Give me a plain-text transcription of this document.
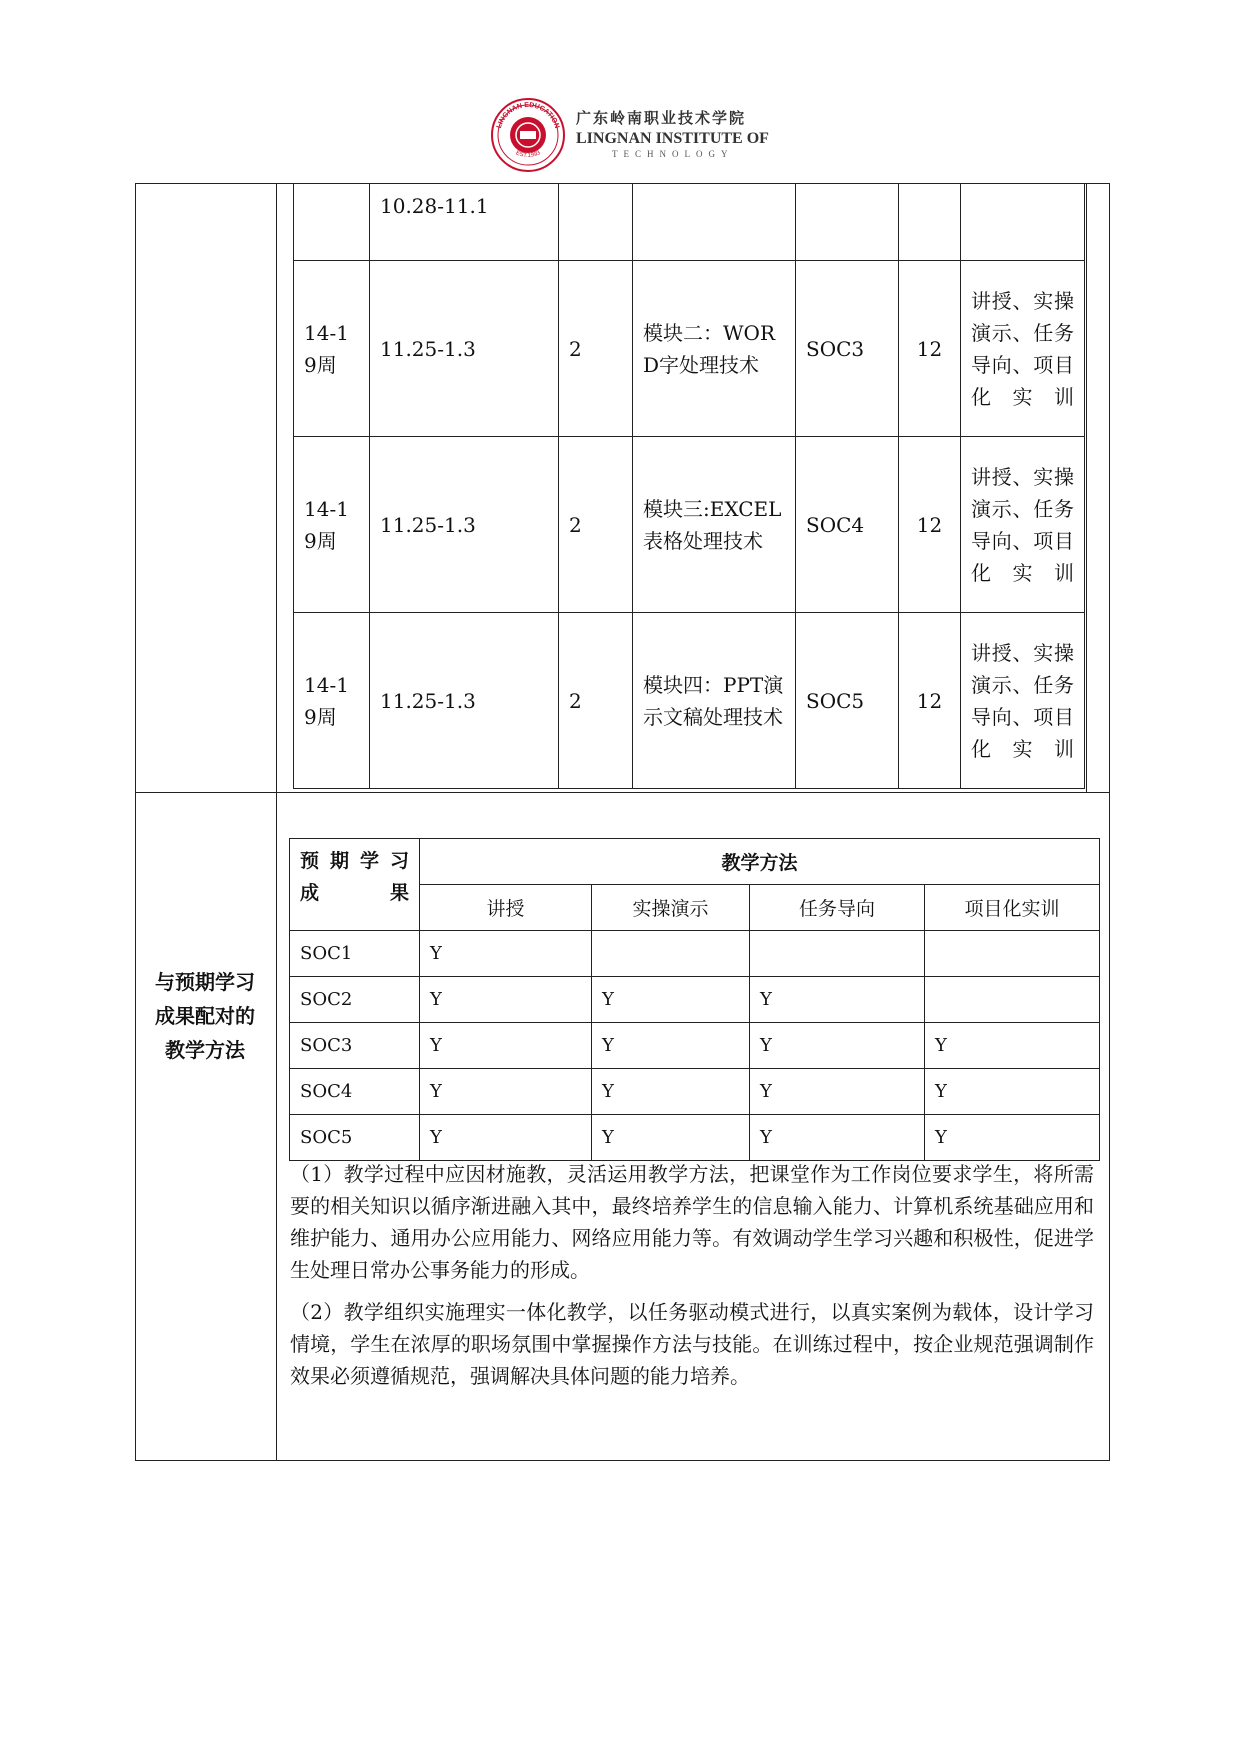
LINGNAN EDUCATION
EST.1993
广东岭南职业技术学院
LINGNAN INSTITUTE OF
TECHNOLOGY
	10.28-11.1					
14-19周	11.25-1.3	2	模块二：WORD字处理技术	SOC3	12	讲授、实操演示、任务导向、项目化实训
14-19周	11.25-1.3	2	模块三:EXCEL表格处理技术	SOC4	12	讲授、实操演示、任务导向、项目化实训
14-19周	11.25-1.3	2	模块四：PPT演示文稿处理技术	SOC5	12	讲授、实操演示、任务导向、项目化实训
与预期学习成果配对的教学方法
预 期 学 习 成果	教学方法			
	讲授	实操演示	任务导向	项目化实训
SOC1	Y			
SOC2	Y	Y	Y	
SOC3	Y	Y	Y	Y
SOC4	Y	Y	Y	Y
SOC5	Y	Y	Y	Y

（1）教学过程中应因材施教，灵活运用教学方法，把课堂作为工作岗位要求学生，将所需要的相关知识以循序渐进融入其中，最终培养学生的信息输入能力、计算机系统基础应用和维护能力、通用办公应用能力、网络应用能力等。有效调动学生学习兴趣和积极性，促进学生处理日常办公事务能力的形成。

（2）教学组织实施理实一体化教学，以任务驱动模式进行，以真实案例为载体，设计学习情境，学生在浓厚的职场氛围中掌握操作方法与技能。在训练过程中，按企业规范强调制作效果必须遵循规范，强调解决具体问题的能力培养。
